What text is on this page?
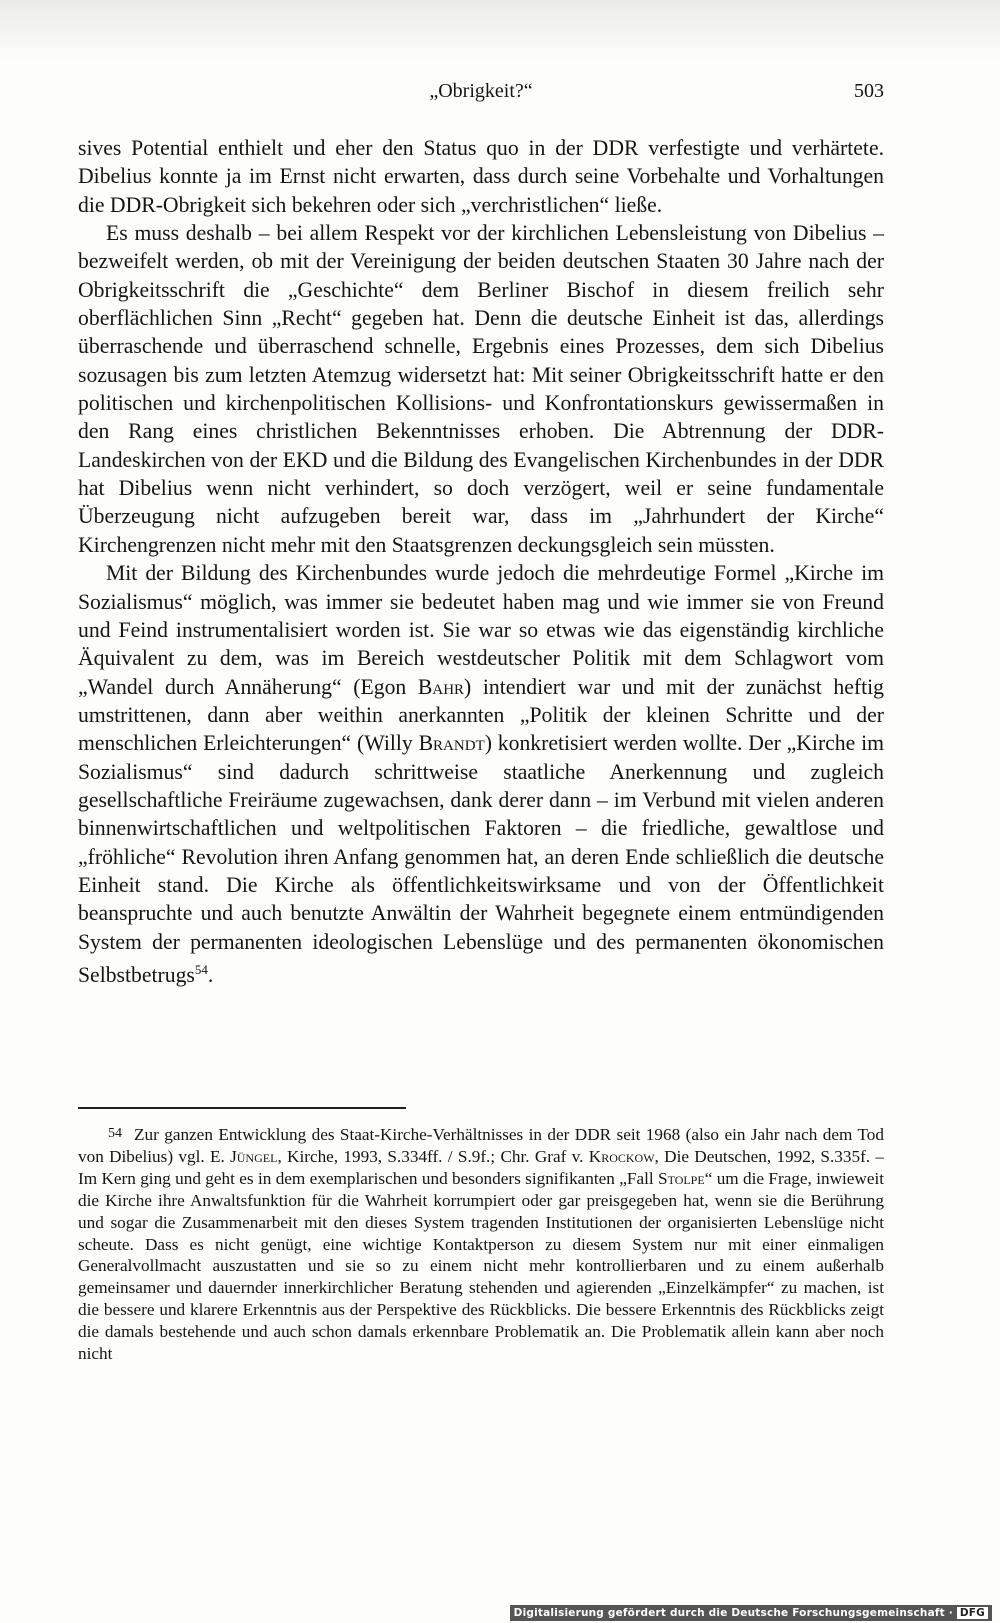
„Obrigkeit?“	503

sives Potential enthielt und eher den Status quo in der DDR verfestigte und verhärtete. Dibelius konnte ja im Ernst nicht erwarten, dass durch seine Vorbehalte und Vorhaltungen die DDR-Obrigkeit sich bekehren oder sich „verchristlichen“ ließe.

Es muss deshalb – bei allem Respekt vor der kirchlichen Lebensleistung von Dibelius – bezweifelt werden, ob mit der Vereinigung der beiden deutschen Staaten 30 Jahre nach der Obrigkeitsschrift die „Geschichte“ dem Berliner Bischof in diesem freilich sehr oberflächlichen Sinn „Recht“ gegeben hat. Denn die deutsche Einheit ist das, allerdings überraschende und überraschend schnelle, Ergebnis eines Prozesses, dem sich Dibelius sozusagen bis zum letzten Atemzug widersetzt hat: Mit seiner Obrigkeitsschrift hatte er den politischen und kirchenpolitischen Kollisions- und Konfrontationskurs gewissermaßen in den Rang eines christlichen Bekenntnisses erhoben. Die Abtrennung der DDR-Landeskirchen von der EKD und die Bildung des Evangelischen Kirchenbundes in der DDR hat Dibelius wenn nicht verhindert, so doch verzögert, weil er seine fundamentale Überzeugung nicht aufzugeben bereit war, dass im „Jahrhundert der Kirche“ Kirchengrenzen nicht mehr mit den Staatsgrenzen deckungsgleich sein müssten.

Mit der Bildung des Kirchenbundes wurde jedoch die mehrdeutige Formel „Kirche im Sozialismus“ möglich, was immer sie bedeutet haben mag und wie immer sie von Freund und Feind instrumentalisiert worden ist. Sie war so etwas wie das eigenständig kirchliche Äquivalent zu dem, was im Bereich westdeutscher Politik mit dem Schlagwort vom „Wandel durch Annäherung“ (Egon Bahr) intendiert war und mit der zunächst heftig umstrittenen, dann aber weithin anerkannten „Politik der kleinen Schritte und der menschlichen Erleichterungen“ (Willy Brandt) konkretisiert werden wollte. Der „Kirche im Sozialismus“ sind dadurch schrittweise staatliche Anerkennung und zugleich gesellschaftliche Freiräume zugewachsen, dank derer dann – im Verbund mit vielen anderen binnenwirtschaftlichen und weltpolitischen Faktoren – die friedliche, gewaltlose und „fröhliche“ Revolution ihren Anfang genommen hat, an deren Ende schließlich die deutsche Einheit stand. Die Kirche als öffentlichkeitswirksame und von der Öffentlichkeit beanspruchte und auch benutzte Anwältin der Wahrheit begegnete einem entmündigenden System der permanenten ideologischen Lebenslüge und des permanenten ökonomischen Selbstbetrugs$^{54}$.

54 Zur ganzen Entwicklung des Staat-Kirche-Verhältnisses in der DDR seit 1968 (also ein Jahr nach dem Tod von Dibelius) vgl. E. Jüngel, Kirche, 1993, S.334ff. / S.9f.; Chr. Graf v. Krockow, Die Deutschen, 1992, S.335f. – Im Kern ging und geht es in dem exemplarischen und besonders signifikanten „Fall Stolpe“ um die Frage, inwieweit die Kirche ihre Anwaltsfunktion für die Wahrheit korrumpiert oder gar preisgegeben hat, wenn sie die Berührung und sogar die Zusammenarbeit mit den dieses System tragenden Institutionen der organisierten Lebenslüge nicht scheute. Dass es nicht genügt, eine wichtige Kontaktperson zu diesem System nur mit einer einmaligen Generalvollmacht auszustatten und sie so zu einem nicht mehr kontrollierbaren und zu einem außerhalb gemeinsamer und dauernder innerkirchlicher Beratung stehenden und agierenden „Einzelkämpfer“ zu machen, ist die bessere und klarere Erkenntnis aus der Perspektive des Rückblicks. Die bessere Erkenntnis des Rückblicks zeigt die damals bestehende und auch schon damals erkennbare Problematik an. Die Problematik allein kann aber noch nicht

Digitalisierung gefördert durch die Deutsche Forschungsgemeinschaft · DFG
